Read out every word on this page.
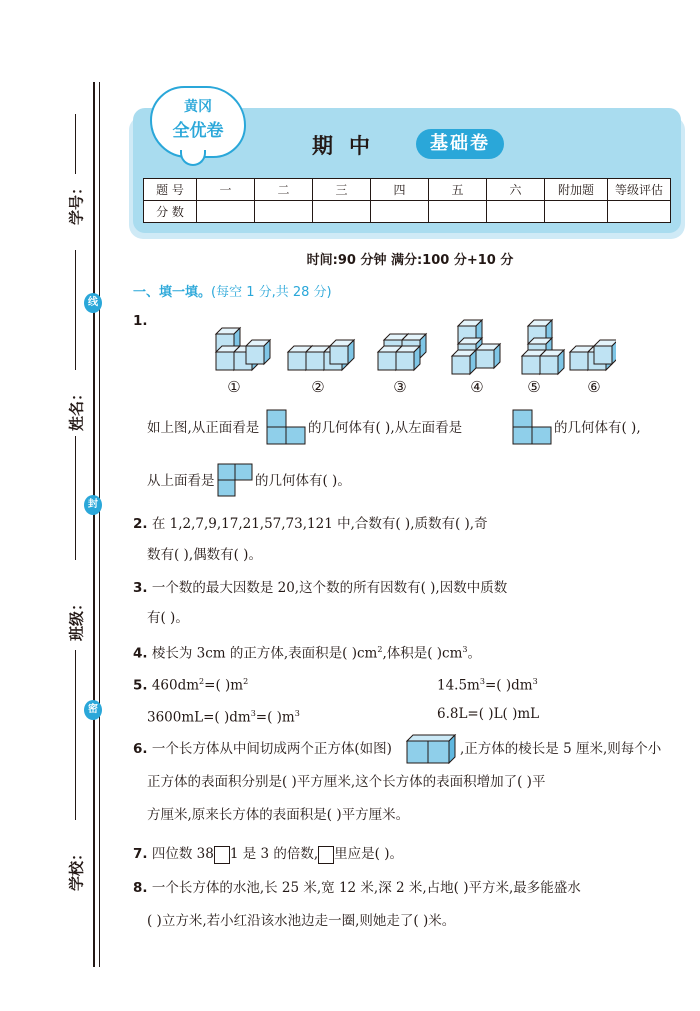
学号：
姓名：
班级：
学校：
线
封
密
黄冈
全优卷
期中	基础卷
题 号	一	二	三	四	五	六	附加题	等级评估
分 数								
时间:90 分钟 满分:100 分+10 分
一、填一填。(每空 1 分,共 28 分)
1.
①	②	③	④	⑤	⑥
如上图,从正面看是	的几何体有( ),从左面看是	的几何体有( ),
从上面看是	的几何体有( )。
2. 在 1,2,7,9,17,21,57,73,121 中,合数有( ),质数有( ),奇
数有( ),偶数有( )。
3. 一个数的最大因数是 20,这个数的所有因数有( ),因数中质数
有( )。
4. 棱长为 3cm 的正方体,表面积是( )$cm^2$,体积是( )$cm^3$。
5. $460dm^2=$( )$m^2$	$14.5m^3=$( )$dm^3$
3600mL=( )$dm^3=$( )$m^3$	6.8L=( )L( )mL
6. 一个长方体从中间切成两个正方体(如图)	,正方体的棱长是 5 厘米,则每个小
正方体的表面积分别是( )平方厘米,这个长方体的表面积增加了( )平
方厘米,原来长方体的表面积是( )平方厘米。
7. 四位数 38 1 是 3 的倍数, 里应是( )。
8. 一个长方体的水池,长 25 米,宽 12 米,深 2 米,占地( )平方米,最多能盛水
( )立方米,若小红沿该水池边走一圈,则她走了( )米。
